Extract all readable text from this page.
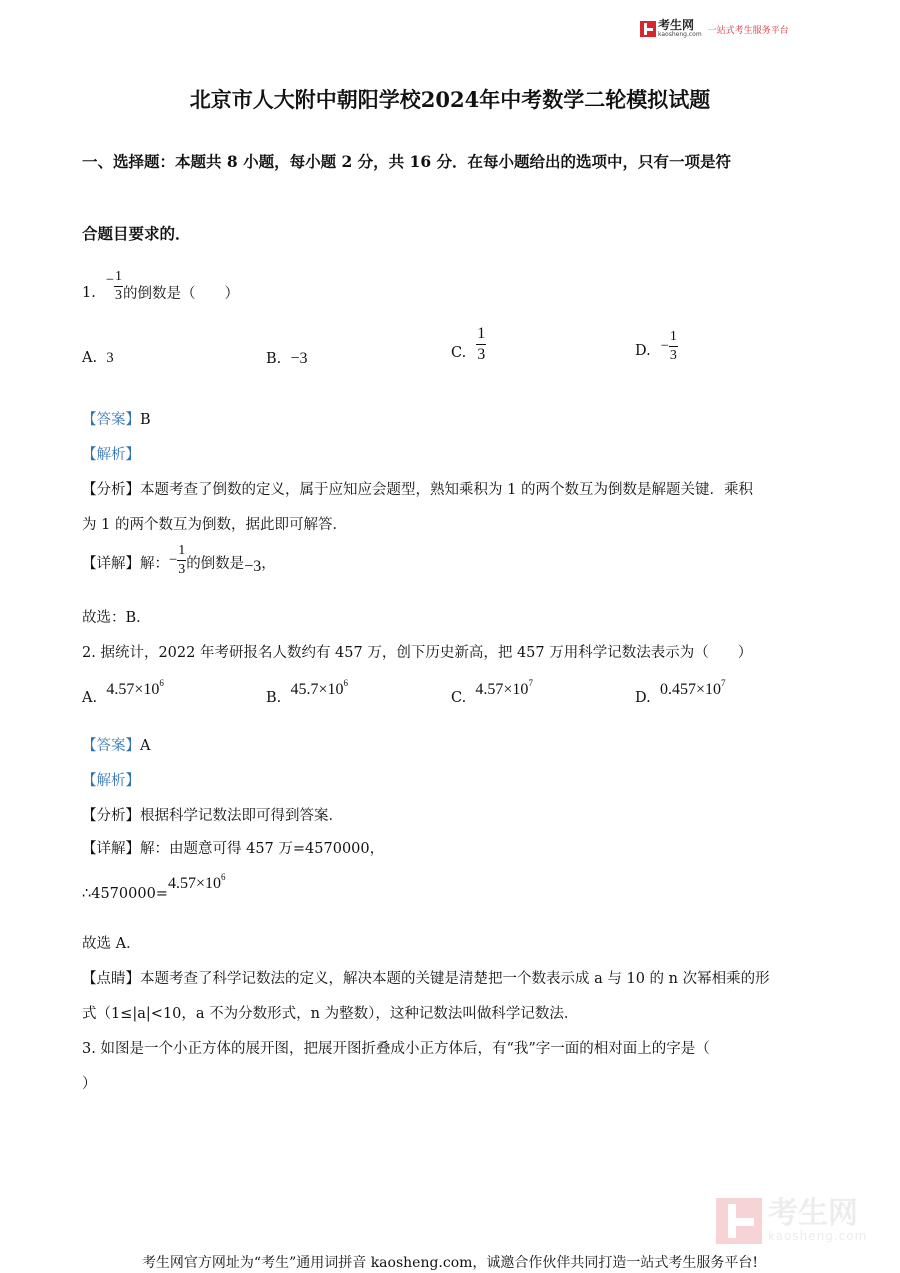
考生网
kaosheng.com 一站式考生服务平台
北京市人大附中朝阳学校2024年中考数学二轮模拟试题
一、选择题：本题共 8 小题，每小题 2 分，共 16 分．在每小题给出的选项中，只有一项是符
合题目要求的．
1.
− $\frac{1}{3}$ 的倒数是（　　）
A. 3	B. −3	C. $\frac{1}{3}$	D. − $\frac{1}{3}$
【答案】B
【解析】
【分析】本题考查了倒数的定义，属于应知应会题型，熟知乘积为 1 的两个数互为倒数是解题关键．乘积
为 1 的两个数互为倒数，据此即可解答．
【详解】解： − $\frac{1}{3}$ 的倒数是 −3 ，
故选：B．
2. 据统计，2022 年考研报名人数约有 457 万，创下历史新高，把 457 万用科学记数法表示为（　　）
A. $4.57\times 10^6$
B. $45.7\times 10^6$
C. $4.57\times 10^7$
D. $0.457\times 10^7$
【答案】A
【解析】
【分析】根据科学记数法即可得到答案．
【详解】解：由题意可得 457 万=4570000，
$\therefore 4570000=4.57\times 10^6$
故选 A．
【点睛】本题考查了科学记数法的定义，解决本题的关键是清楚把一个数表示成 a 与 10 的 n 次幂相乘的形
式（1≤|a|<10，a 不为分数形式，n 为整数），这种记数法叫做科学记数法．
3. 如图是一个小正方体的展开图，把展开图折叠成小正方体后，有“我”字一面的相对面上的字是（
）
考生网
kaosheng.com
考生网官方网址为“考生”通用词拼音 kaosheng.com，诚邀合作伙伴共同打造一站式考生服务平台!
